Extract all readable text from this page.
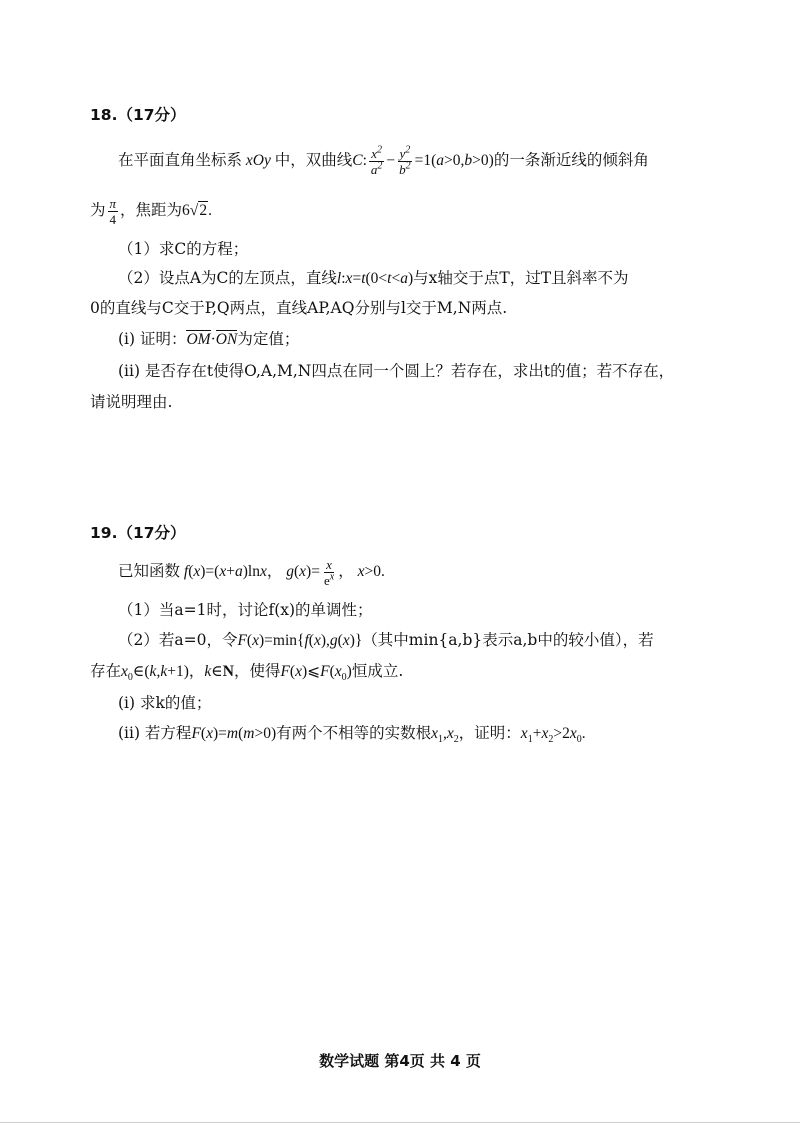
18.（17分）
在平面直角坐标系 xOy 中，双曲线C: $\frac{x^2}{a^2} - \frac{y^2}{b^2} =1(a>0,b>0)$的一条渐近线的倾斜角
为 $\frac{\pi}{4}$ ，焦距为6√2.
（1）求C的方程；
（2）设点A为C的左顶点，直线l:x=t(0<t<a)与x轴交于点T，过T且斜率不为
0的直线与C交于P,Q两点，直线AP,AQ分别与l交于M,N两点.
(i) 证明：OM·ON为定值；
(ii) 是否存在t使得O,A,M,N四点在同一个圆上？若存在，求出t的值；若不存在，
请说明理由.
19.（17分）
已知函数 f(x)=(x+a)lnx， $g(x)= \frac{x}{e^x}$ ， x>0.
（1）当a=1时，讨论f(x)的单调性；
（2）若a=0，令F(x)=min{f(x),g(x)}（其中min{a,b}表示a,b中的较小值），若
存在$x_0\in(k,k+1)$，k∈N，使得$F(x)⩽F(x_0)$恒成立.
(i) 求k的值；
(ii) 若方程F(x)=m(m>0)有两个不相等的实数根$x_1,x_2$，证明：$x_1+x_2>2x_0$.
数学试题 第4页 共 4 页
